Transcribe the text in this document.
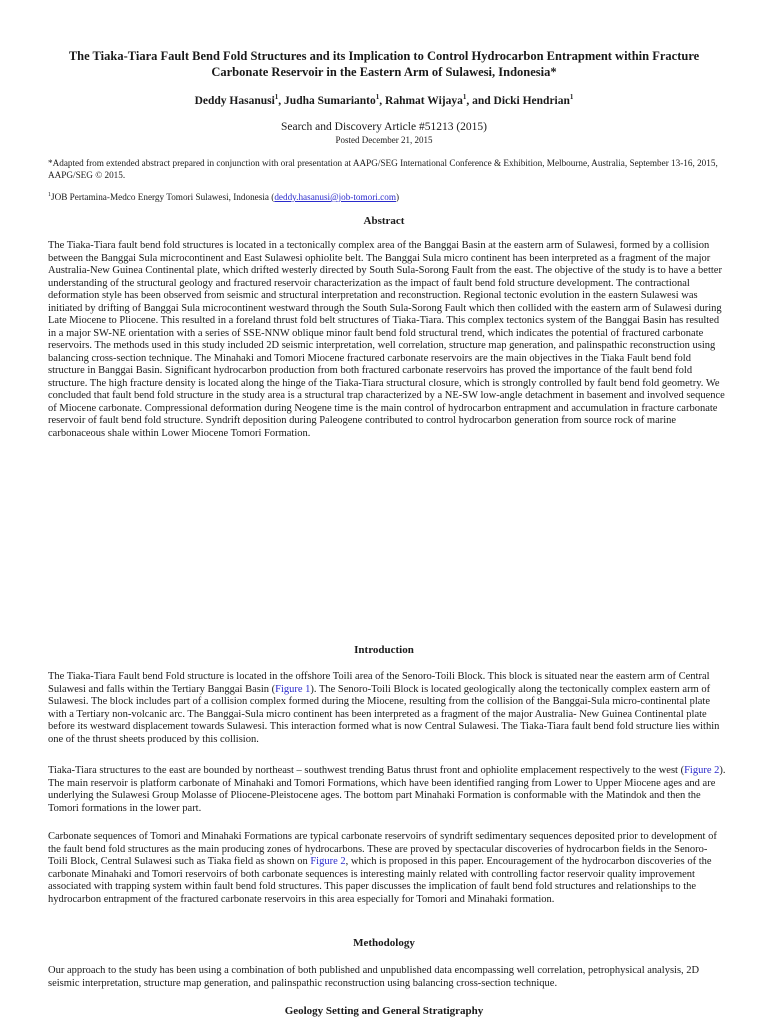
The Tiaka-Tiara Fault Bend Fold Structures and its Implication to Control Hydrocarbon Entrapment within Fracture Carbonate Reservoir in the Eastern Arm of Sulawesi, Indonesia*
Deddy Hasanusi$^1$, Judha Sumarianto$^1$, Rahmat Wijaya$^1$, and Dicki Hendrian$^1$
Search and Discovery Article #51213 (2015)
Posted December 21, 2015
*Adapted from extended abstract prepared in conjunction with oral presentation at AAPG/SEG International Conference & Exhibition, Melbourne, Australia, September 13-16, 2015, AAPG/SEG © 2015.
$^1$JOB Pertamina-Medco Energy Tomori Sulawesi, Indonesia (deddy.hasanusi@job-tomori.com)
Abstract
The Tiaka-Tiara fault bend fold structures is located in a tectonically complex area of the Banggai Basin at the eastern arm of Sulawesi, formed by a collision between the Banggai Sula microcontinent and East Sulawesi ophiolite belt. The Banggai Sula micro continent has been interpreted as a fragment of the major Australia-New Guinea Continental plate, which drifted westerly directed by South Sula-Sorong Fault from the east. The objective of the study is to have a better understanding of the structural geology and fractured reservoir characterization as the impact of fault bend fold structure development. The contractional deformation style has been observed from seismic and structural interpretation and reconstruction. Regional tectonic evolution in the eastern Sulawesi was initiated by drifting of Banggai Sula microcontinent westward through the South Sula-Sorong Fault which then collided with the eastern arm of Sulawesi during Late Miocene to Pliocene. This resulted in a foreland thrust fold belt structures of Tiaka-Tiara. This complex tectonics system of the Banggai Basin has resulted in a major SW-NE orientation with a series of SSE-NNW oblique minor fault bend fold structural trend, which indicates the potential of fractured carbonate reservoirs. The methods used in this study included 2D seismic interpretation, well correlation, structure map generation, and palinspathic reconstruction using balancing cross-section technique. The Minahaki and Tomori Miocene fractured carbonate reservoirs are the main objectives in the Tiaka Fault bend fold structure in Banggai Basin. Significant hydrocarbon production from both fractured carbonate reservoirs has proved the importance of the fault bend fold structure. The high fracture density is located along the hinge of the Tiaka-Tiara structural closure, which is strongly controlled by fault bend fold geometry. We concluded that fault bend fold structure in the study area is a structural trap characterized by a NE-SW low-angle detachment in basement and involved sequence of Miocene carbonate. Compressional deformation during Neogene time is the main control of hydrocarbon entrapment and accumulation in fracture carbonate reservoir of fault bend fold structure. Syndrift deposition during Paleogene contributed to control hydrocarbon generation from source rock of marine carbonaceous shale within Lower Miocene Tomori Formation.
Introduction
The Tiaka-Tiara Fault bend Fold structure is located in the offshore Toili area of the Senoro-Toili Block. This block is situated near the eastern arm of Central Sulawesi and falls within the Tertiary Banggai Basin (Figure 1). The Senoro-Toili Block is located geologically along the tectonically complex eastern arm of Sulawesi. The block includes part of a collision complex formed during the Miocene, resulting from the collision of the Banggai-Sula micro-continental plate with a Tertiary non-volcanic arc. The Banggai-Sula micro continent has been interpreted as a fragment of the major Australia- New Guinea Continental plate before its westward displacement towards Sulawesi. This interaction formed what is now Central Sulawesi. The Tiaka-Tiara fault bend fold structure lies within one of the thrust sheets produced by this collision.
Tiaka-Tiara structures to the east are bounded by northeast – southwest trending Batus thrust front and ophiolite emplacement respectively to the west (Figure 2). The main reservoir is platform carbonate of Minahaki and Tomori Formations, which have been identified ranging from Lower to Upper Miocene ages and are underlying the Sulawesi Group Molasse of Pliocene-Pleistocene ages. The bottom part Minahaki Formation is conformable with the Matindok and then the Tomori formations in the lower part.
Carbonate sequences of Tomori and Minahaki Formations are typical carbonate reservoirs of syndrift sedimentary sequences deposited prior to development of the fault bend fold structures as the main producing zones of hydrocarbons. These are proved by spectacular discoveries of hydrocarbon fields in the Senoro-Toili Block, Central Sulawesi such as Tiaka field as shown on Figure 2, which is proposed in this paper. Encouragement of the hydrocarbon discoveries of the carbonate Minahaki and Tomori reservoirs of both carbonate sequences is interesting mainly related with controlling factor reservoir quality improvement associated with trapping system within fault bend fold structures. This paper discusses the implication of fault bend fold structures and relationships to the hydrocarbon entrapment of the fractured carbonate reservoirs in this area especially for Tomori and Minahaki formation.
Methodology
Our approach to the study has been using a combination of both published and unpublished data encompassing well correlation, petrophysical analysis, 2D seismic interpretation, structure map generation, and palinspathic reconstruction using balancing cross-section technique.
Geology Setting and General Stratigraphy
